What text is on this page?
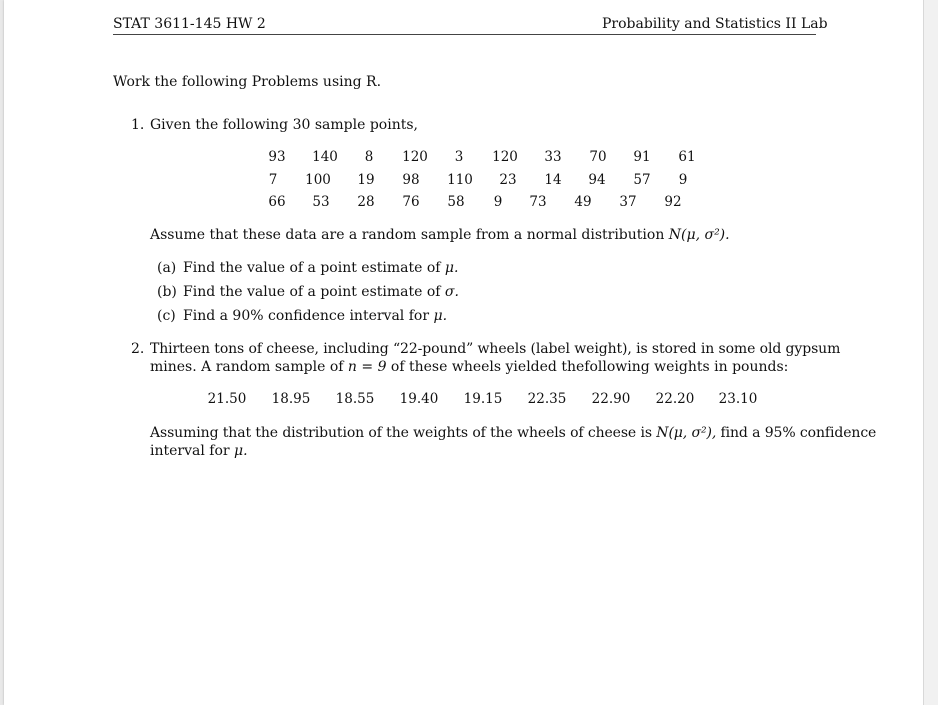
STAT 3611-145 HW 2	Probability and Statistics II Lab
Work the following Problems using R.
1. Given the following 30 sample points,
93	140	8	120	3	120	33	70	91	61
7	100	19	98	110	23	14	94	57	9
66	53	28	76	58	9	73	49	37	92
Assume that these data are a random sample from a normal distribution N(μ, σ²).
(a) Find the value of a point estimate of μ.
(b) Find the value of a point estimate of σ.
(c) Find a 90% confidence interval for μ.
2. Thirteen tons of cheese, including “22-pound” wheels (label weight), is stored in some old gypsum
mines. A random sample of n = 9 of these wheels yielded thefollowing weights in pounds:
21.50 18.95 18.55 19.40 19.15 22.35 22.90 22.20 23.10
Assuming that the distribution of the weights of the wheels of cheese is N(μ, σ²), find a 95% confidence
interval for μ.
